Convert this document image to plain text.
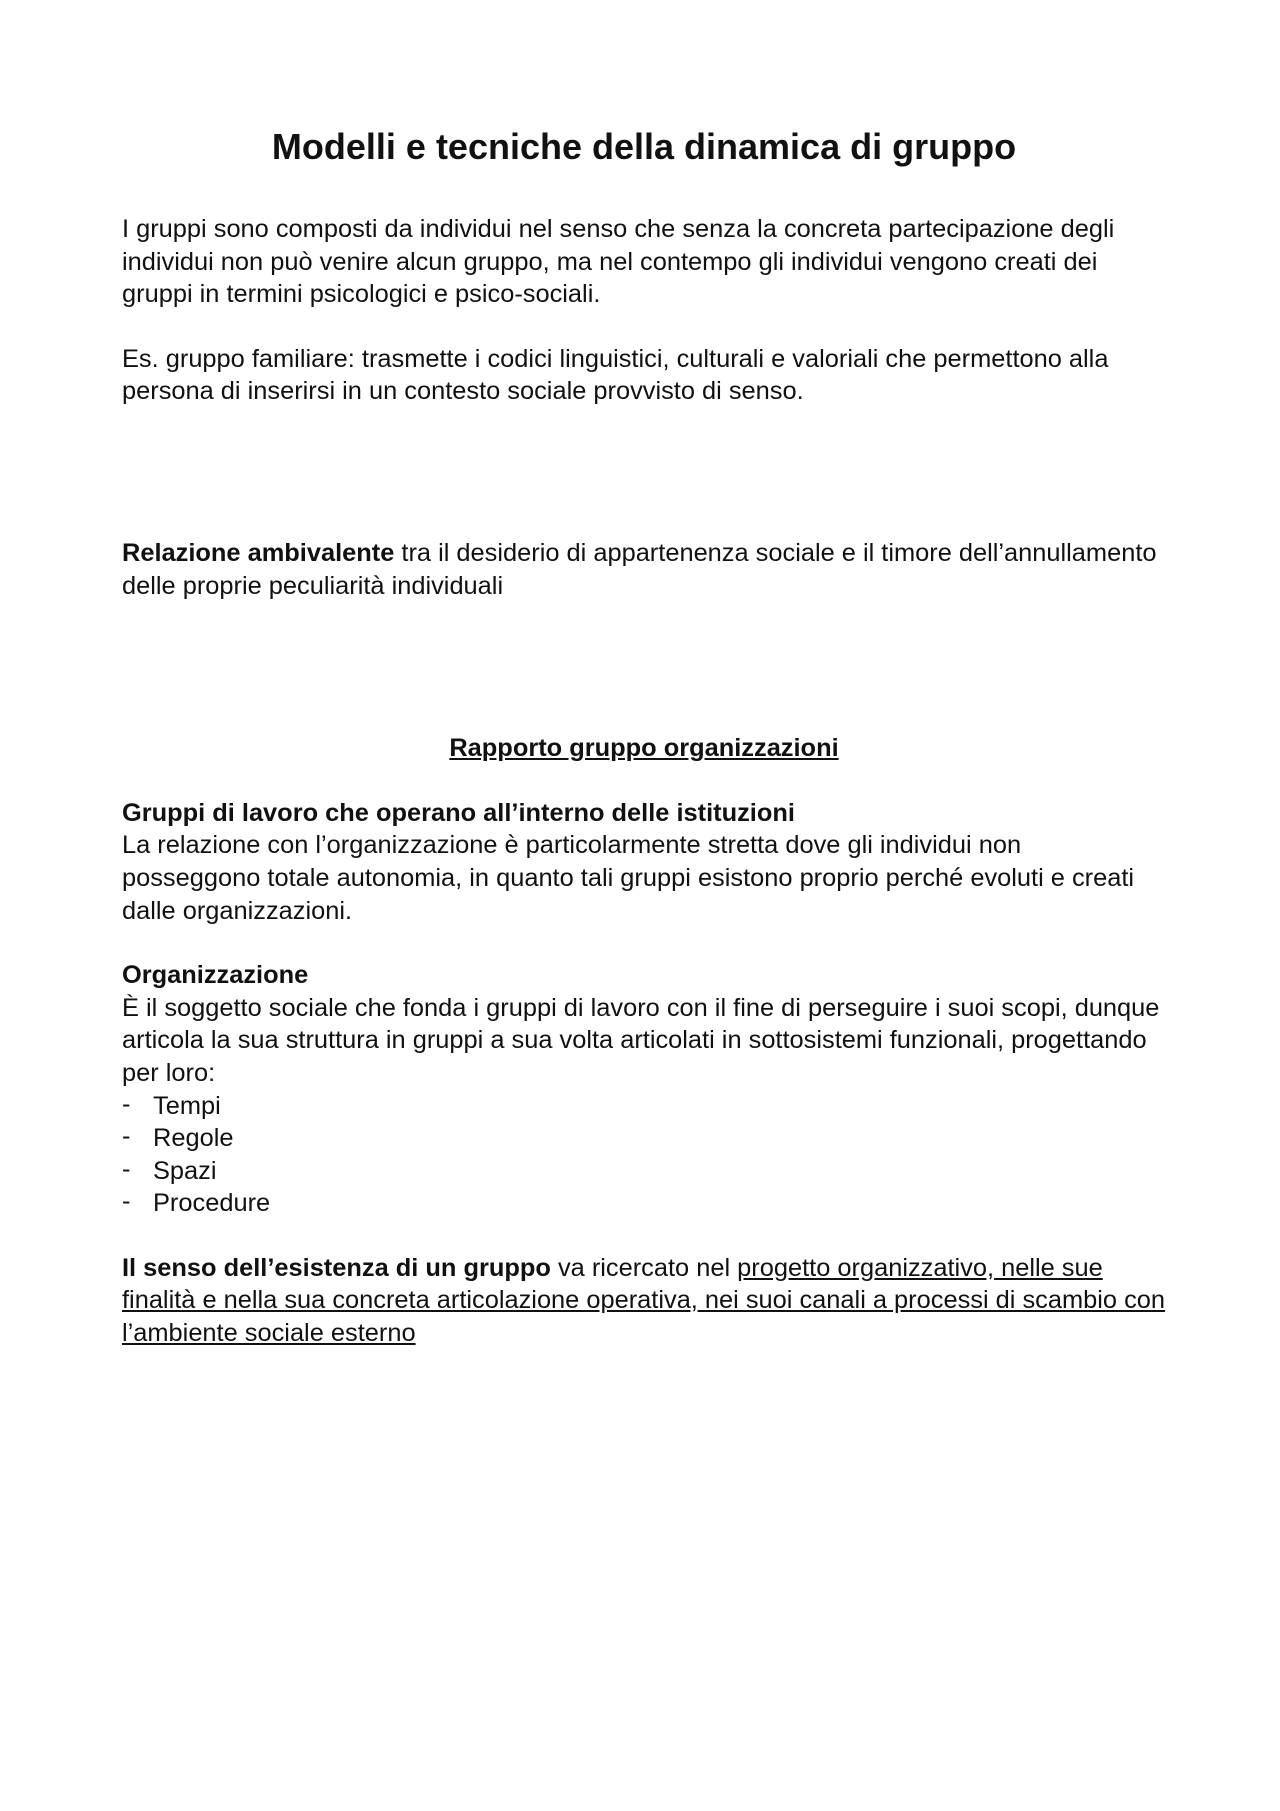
Modelli e tecniche della dinamica di gruppo

I gruppi sono composti da individui nel senso che senza la concreta partecipazione degli individui non può venire alcun gruppo, ma nel contempo gli individui vengono creati dei gruppi in termini psicologici e psico-sociali.

Es. gruppo familiare: trasmette i codici linguistici, culturali e valoriali che permettono alla persona di inserirsi in un contesto sociale provvisto di senso.

Relazione ambivalente tra il desiderio di appartenenza sociale e il timore dell’annullamento delle proprie peculiarità individuali

Rapporto gruppo organizzazioni

Gruppi di lavoro che operano all’interno delle istituzioni

La relazione con l’organizzazione è particolarmente stretta dove gli individui non posseggono totale autonomia, in quanto tali gruppi esistono proprio perché evoluti e creati dalle organizzazioni.

Organizzazione

È il soggetto sociale che fonda i gruppi di lavoro con il fine di perseguire i suoi scopi, dunque articola la sua struttura in gruppi a sua volta articolati in sottosistemi funzionali, progettando per loro:

- Tempi
- Regole
- Spazi
- Procedure

Il senso dell’esistenza di un gruppo va ricercato nel progetto organizzativo, nelle sue finalità e nella sua concreta articolazione operativa, nei suoi canali a processi di scambio con l’ambiente sociale esterno
